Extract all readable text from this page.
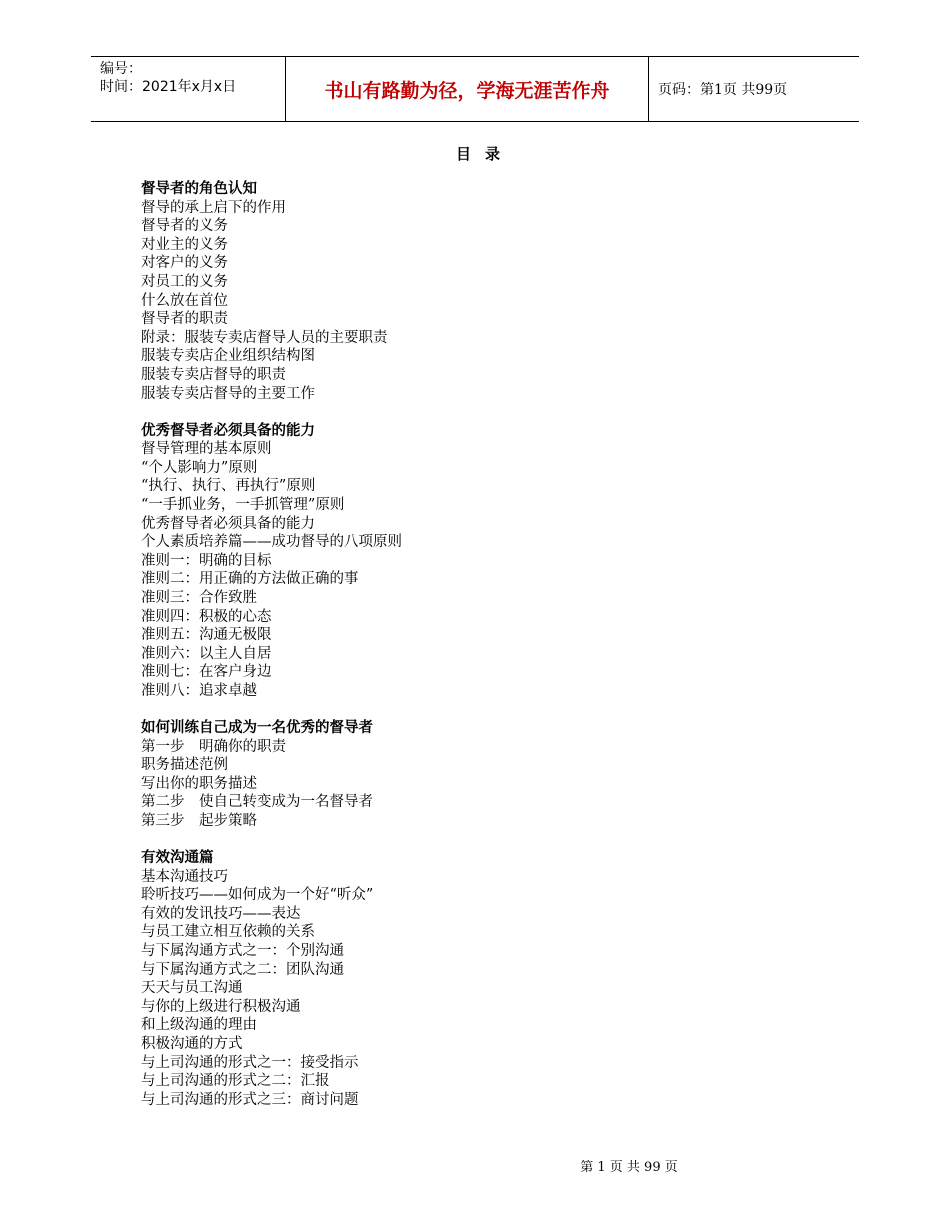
编号：
时间：2021年x月x日	书山有路勤为径，学海无涯苦作舟	页码：第1页 共99页
目录
督导者的角色认知
督导的承上启下的作用
督导者的义务
对业主的义务
对客户的义务
对员工的义务
什么放在首位
督导者的职责
附录：服装专卖店督导人员的主要职责
服装专卖店企业组织结构图
服装专卖店督导的职责
服装专卖店督导的主要工作
优秀督导者必须具备的能力
督导管理的基本原则
“个人影响力”原则
“执行、执行、再执行”原则
“一手抓业务，一手抓管理”原则
优秀督导者必须具备的能力
个人素质培养篇——成功督导的八项原则
准则一：明确的目标
准则二：用正确的方法做正确的事
准则三：合作致胜
准则四：积极的心态
准则五：沟通无极限
准则六：以主人自居
准则七：在客户身边
准则八：追求卓越
如何训练自己成为一名优秀的督导者
第一步　明确你的职责
职务描述范例
写出你的职务描述
第二步　使自己转变成为一名督导者
第三步　起步策略
有效沟通篇
基本沟通技巧
聆听技巧——如何成为一个好“听众”
有效的发讯技巧——表达
与员工建立相互依赖的关系
与下属沟通方式之一：个别沟通
与下属沟通方式之二：团队沟通
天天与员工沟通
与你的上级进行积极沟通
和上级沟通的理由
积极沟通的方式
与上司沟通的形式之一：接受指示
与上司沟通的形式之二：汇报
与上司沟通的形式之三：商讨问题
第 1 页 共 99 页
